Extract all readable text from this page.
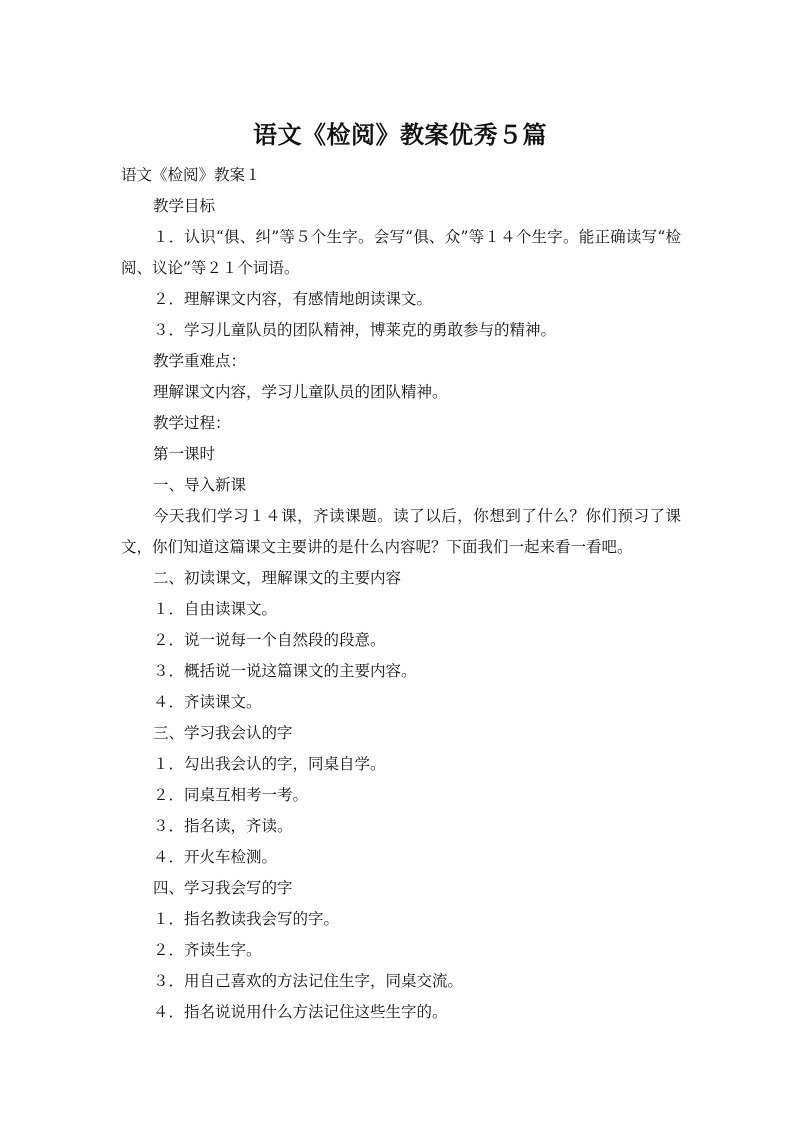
语文《检阅》教案优秀５篇

语文《检阅》教案１

教学目标

１．认识“俱、纠”等５个生字。会写“俱、众”等１４个生字。能正确读写“检阅、议论”等２１个词语。

２．理解课文内容，有感情地朗读课文。

３．学习儿童队员的团队精神，博莱克的勇敢参与的精神。

教学重难点：

理解课文内容，学习儿童队员的团队精神。

教学过程：

第一课时

一、导入新课

今天我们学习１４课，齐读课题。读了以后，你想到了什么？你们预习了课文，你们知道这篇课文主要讲的是什么内容呢？下面我们一起来看一看吧。

二、初读课文，理解课文的主要内容

１．自由读课文。

２．说一说每一个自然段的段意。

３．概括说一说这篇课文的主要内容。

４．齐读课文。

三、学习我会认的字

１．勾出我会认的字，同桌自学。

２．同桌互相考一考。

３．指名读，齐读。

４．开火车检测。

四、学习我会写的字

１．指名教读我会写的字。

２．齐读生字。

３．用自己喜欢的方法记住生字，同桌交流。

４．指名说说用什么方法记住这些生字的。
